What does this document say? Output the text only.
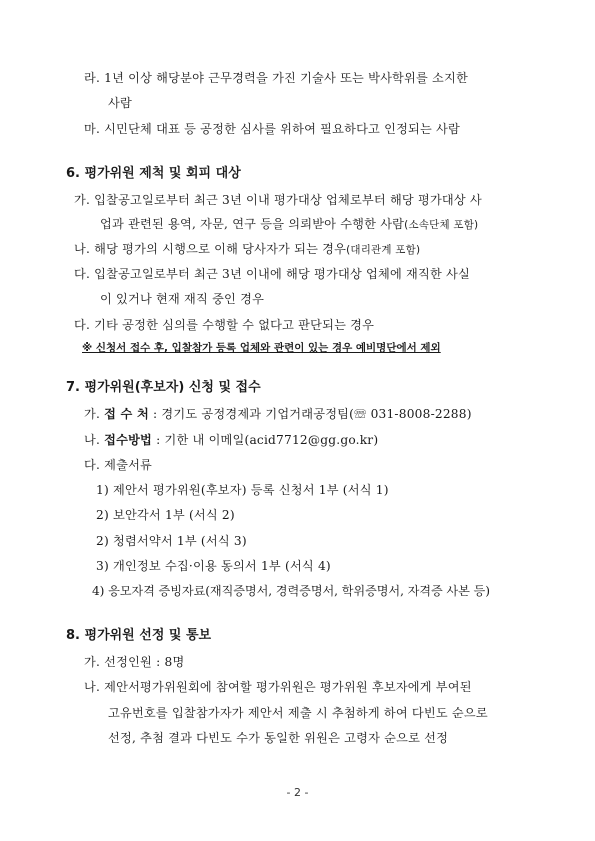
라. 1년 이상 해당분야 근무경력을 가진 기술사 또는 박사학위를 소지한
사람
마. 시민단체 대표 등 공정한 심사를 위하여 필요하다고 인정되는 사람
6. 평가위원 제척 및 회피 대상
가. 입찰공고일로부터 최근 3년 이내 평가대상 업체로부터 해당 평가대상 사
업과 관련된 용역, 자문, 연구 등을 의뢰받아 수행한 사람(소속단체 포함)
나. 해당 평가의 시행으로 이해 당사자가 되는 경우(대리관계 포함)
다. 입찰공고일로부터 최근 3년 이내에 해당 평가대상 업체에 재직한 사실
이 있거나 현재 재직 중인 경우
다. 기타 공정한 심의를 수행할 수 없다고 판단되는 경우
※ 신청서 접수 후, 입찰참가 등록 업체와 관련이 있는 경우 예비명단에서 제외
7. 평가위원(후보자) 신청 및 접수
가. 접 수 처 : 경기도 공정경제과 기업거래공정팀(☏ 031-8008-2288)
나. 접수방법 : 기한 내 이메일(acid7712@gg.go.kr)
다. 제출서류
1) 제안서 평가위원(후보자) 등록 신청서 1부 (서식 1)
2) 보안각서 1부 (서식 2)
2) 청렴서약서 1부 (서식 3)
3) 개인정보 수집·이용 동의서 1부 (서식 4)
4) 응모자격 증빙자료(재직증명서, 경력증명서, 학위증명서, 자격증 사본 등)
8. 평가위원 선정 및 통보
가. 선정인원 : 8명
나. 제안서평가위원회에 참여할 평가위원은 평가위원 후보자에게 부여된
고유번호를 입찰참가자가 제안서 제출 시 추첨하게 하여 다빈도 순으로
선정, 추첨 결과 다빈도 수가 동일한 위원은 고령자 순으로 선정
- 2 -
